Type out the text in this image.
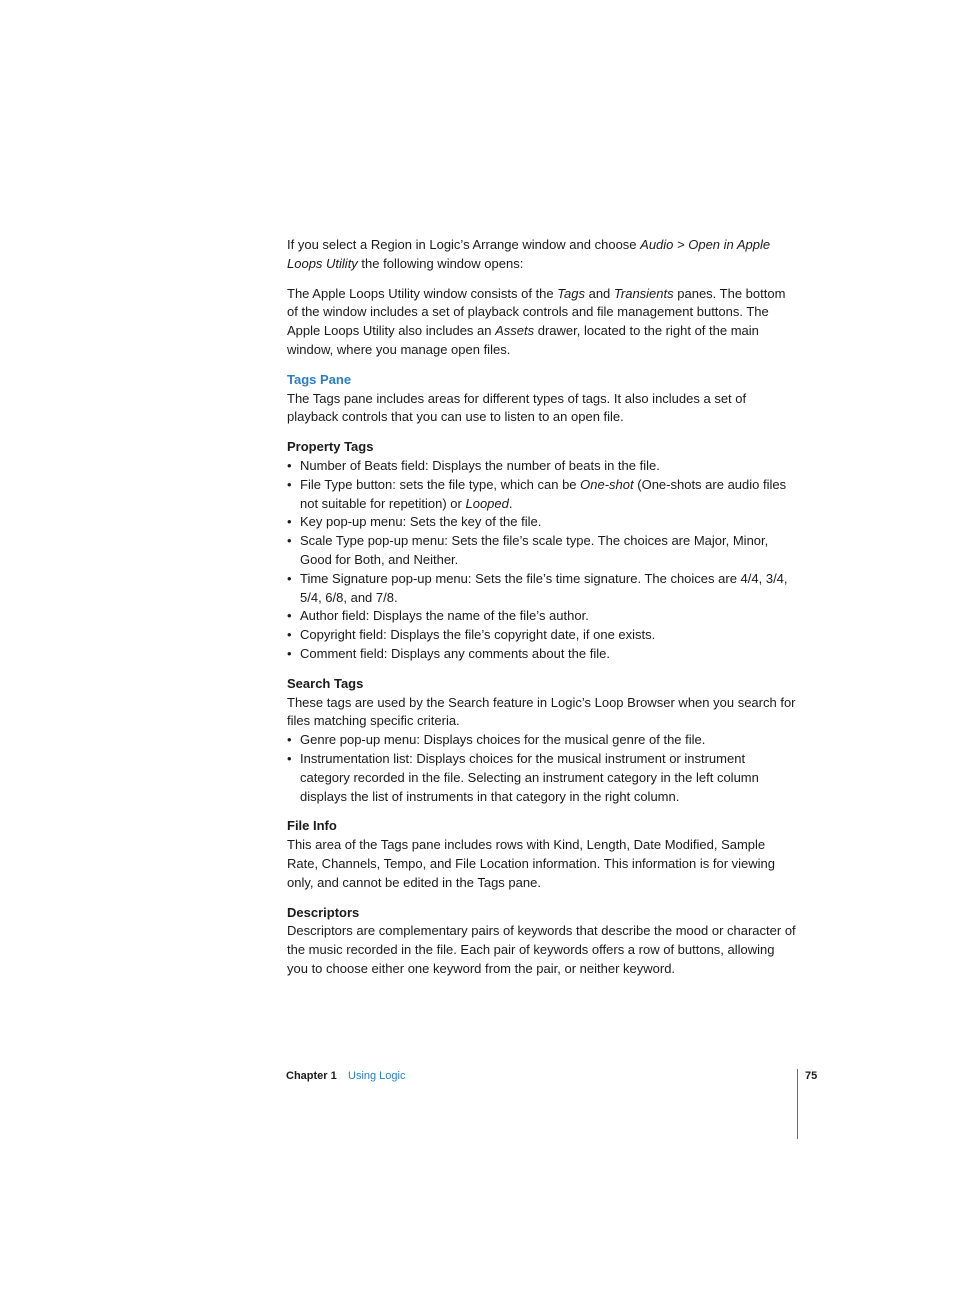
If you select a Region in Logic’s Arrange window and choose Audio > Open in Apple Loops Utility the following window opens:

The Apple Loops Utility window consists of the Tags and Transients panes. The bottom of the window includes a set of playback controls and file management buttons. The Apple Loops Utility also includes an Assets drawer, located to the right of the main window, where you manage open files.

Tags Pane

The Tags pane includes areas for different types of tags. It also includes a set of playback controls that you can use to listen to an open file.

Property Tags

• Number of Beats field: Displays the number of beats in the file.
• File Type button: sets the file type, which can be One-shot (One-shots are audio files not suitable for repetition) or Looped.
• Key pop-up menu: Sets the key of the file.
• Scale Type pop-up menu: Sets the file’s scale type. The choices are Major, Minor, Good for Both, and Neither.
• Time Signature pop-up menu: Sets the file’s time signature. The choices are 4/4, 3/4, 5/4, 6/8, and 7/8.
• Author field: Displays the name of the file’s author.
• Copyright field: Displays the file’s copyright date, if one exists.
• Comment field: Displays any comments about the file.

Search Tags

These tags are used by the Search feature in Logic’s Loop Browser when you search for files matching specific criteria.

• Genre pop-up menu: Displays choices for the musical genre of the file.
• Instrumentation list: Displays choices for the musical instrument or instrument category recorded in the file. Selecting an instrument category in the left column displays the list of instruments in that category in the right column.

File Info

This area of the Tags pane includes rows with Kind, Length, Date Modified, Sample Rate, Channels, Tempo, and File Location information. This information is for viewing only, and cannot be edited in the Tags pane.

Descriptors

Descriptors are complementary pairs of keywords that describe the mood or character of the music recorded in the file. Each pair of keywords offers a row of buttons, allowing you to choose either one keyword from the pair, or neither keyword.

Chapter 1 Using Logic	75
